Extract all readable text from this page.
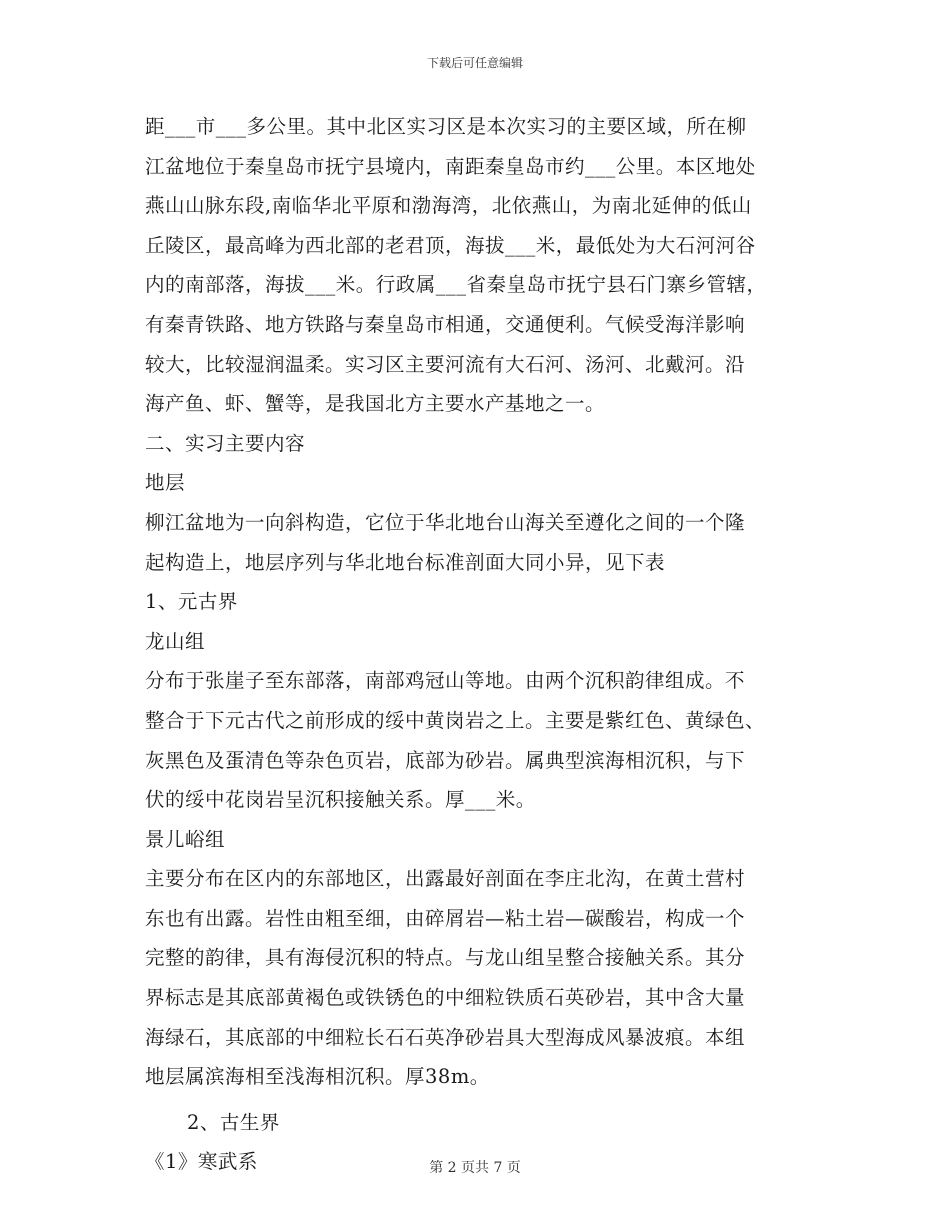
下载后可任意编辑
距___市___多公里。其中北区实习区是本次实习的主要区域，所在柳
江盆地位于秦皇岛市抚宁县境内，南距秦皇岛市约___公里。本区地处
燕山山脉东段,南临华北平原和渤海湾，北依燕山，为南北延伸的低山
丘陵区，最高峰为西北部的老君顶，海拔___米，最低处为大石河河谷
内的南部落，海拔___米。行政属___省秦皇岛市抚宁县石门寨乡管辖，
有秦青铁路、地方铁路与秦皇岛市相通，交通便利。气候受海洋影响
较大，比较湿润温柔。实习区主要河流有大石河、汤河、北戴河。沿
海产鱼、虾、蟹等，是我国北方主要水产基地之一。
二、实习主要内容
地层
柳江盆地为一向斜构造，它位于华北地台山海关至遵化之间的一个隆
起构造上，地层序列与华北地台标准剖面大同小异，见下表
1、元古界
龙山组
分布于张崖子至东部落，南部鸡冠山等地。由两个沉积韵律组成。不
整合于下元古代之前形成的绥中黄岗岩之上。主要是紫红色、黄绿色、
灰黑色及蛋清色等杂色页岩，底部为砂岩。属典型滨海相沉积，与下
伏的绥中花岗岩呈沉积接触关系。厚___米。
景儿峪组
主要分布在区内的东部地区，出露最好剖面在李庄北沟，在黄土营村
东也有出露。岩性由粗至细，由碎屑岩—粘土岩—碳酸岩，构成一个
完整的韵律，具有海侵沉积的特点。与龙山组呈整合接触关系。其分
界标志是其底部黄褐色或铁锈色的中细粒铁质石英砂岩，其中含大量
海绿石，其底部的中细粒长石石英净砂岩具大型海成风暴波痕。本组
地层属滨海相至浅海相沉积。厚38m。
2、古生界
《1》寒武系	第 2 页共 7 页
